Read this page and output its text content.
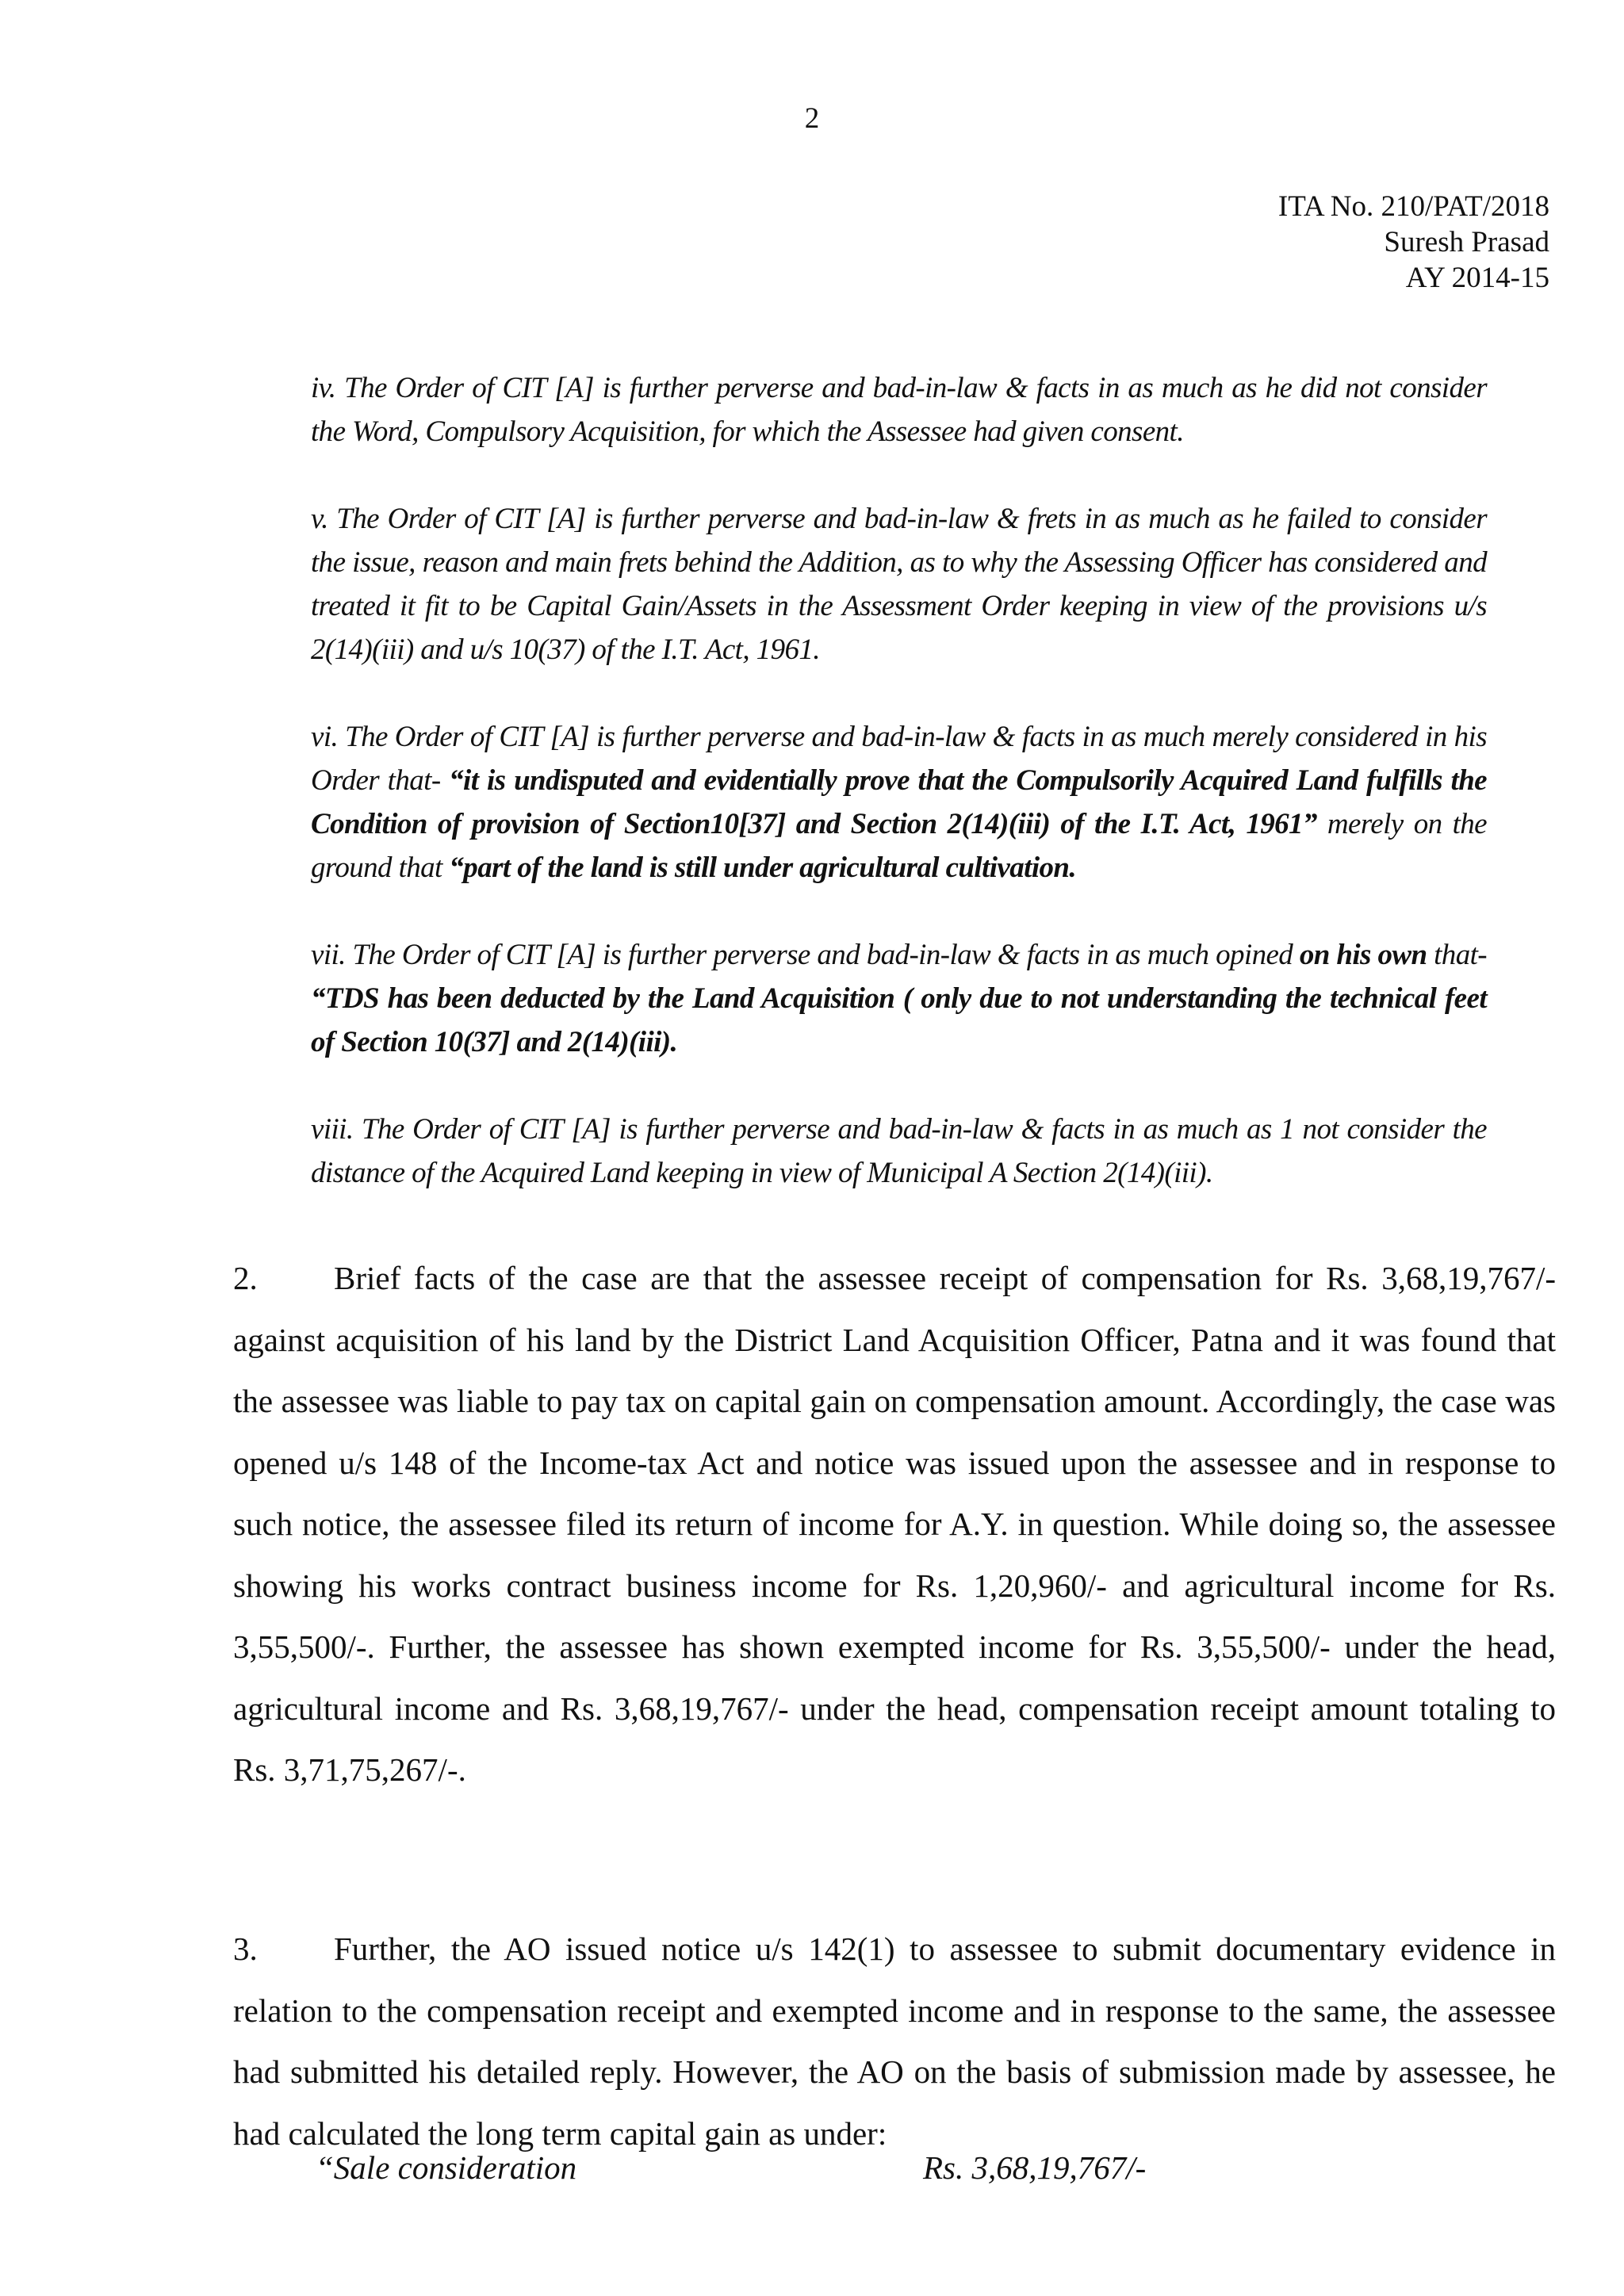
2
ITA No. 210/PAT/2018
Suresh Prasad
AY 2014-15

iv. The Order of CIT [A] is further perverse and bad-in-law & facts in as much as he did not consider the Word, Compulsory Acquisition, for which the Assessee had given consent.

v. The Order of CIT [A] is further perverse and bad-in-law & frets in as much as he failed to consider the issue, reason and main frets behind the Addition, as to why the Assessing Officer has considered and treated it fit to be Capital Gain/Assets in the Assessment Order keeping in view of the provisions u/s 2(14)(iii) and u/s 10(37) of the I.T. Act, 1961.

vi. The Order of CIT [A] is further perverse and bad-in-law & facts in as much merely considered in his Order that- “it is undisputed and evidentially prove that the Compulsorily Acquired Land fulfills the Condition of provision of Section10[37] and Section 2(14)(iii) of the I.T. Act, 1961” merely on the ground that “part of the land is still under agricultural cultivation.

vii. The Order of CIT [A] is further perverse and bad-in-law & facts in as much opined on his own that- “TDS has been deducted by the Land Acquisition ( only due to not understanding the technical feet of Section 10(37] and 2(14)(iii).

viii. The Order of CIT [A] is further perverse and bad-in-law & facts in as much as 1 not consider the distance of the Acquired Land keeping in view of Municipal A Section 2(14)(iii).

2. Brief facts of the case are that the assessee receipt of compensation for Rs. 3,68,19,767/- against acquisition of his land by the District Land Acquisition Officer, Patna and it was found that the assessee was liable to pay tax on capital gain on compensation amount. Accordingly, the case was opened u/s 148 of the Income-tax Act and notice was issued upon the assessee and in response to such notice, the assessee filed its return of income for A.Y. in question. While doing so, the assessee showing his works contract business income for Rs. 1,20,960/- and agricultural income for Rs. 3,55,500/-. Further, the assessee has shown exempted income for Rs. 3,55,500/- under the head, agricultural income and Rs. 3,68,19,767/- under the head, compensation receipt amount totaling to Rs. 3,71,75,267/-.
3. Further, the AO issued notice u/s 142(1) to assessee to submit documentary evidence in relation to the compensation receipt and exempted income and in response to the same, the assessee had submitted his detailed reply. However, the AO on the basis of submission made by assessee, he had calculated the long term capital gain as under:
“Sale consideration	Rs. 3,68,19,767/-
